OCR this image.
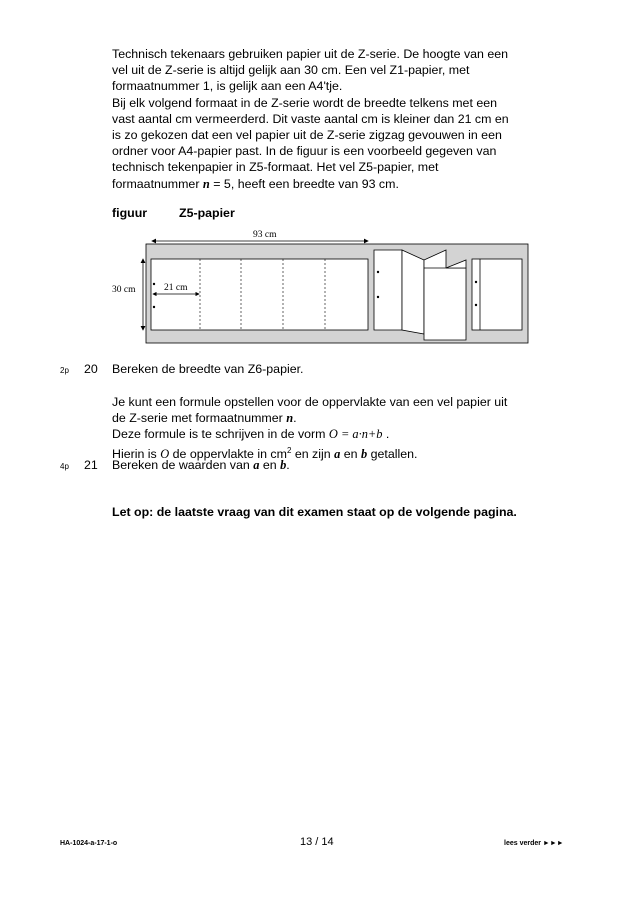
Technisch tekenaars gebruiken papier uit de Z-serie. De hoogte van een

vel uit de Z-serie is altijd gelijk aan 30 cm. Een vel Z1-papier, met

formaatnummer 1, is gelijk aan een A4'tje.

Bij elk volgend formaat in de Z-serie wordt de breedte telkens met een

vast aantal cm vermeerderd. Dit vaste aantal cm is kleiner dan 21 cm en

is zo gekozen dat een vel papier uit de Z-serie zigzag gevouwen in een

ordner voor A4-papier past. In de figuur is een voorbeeld gegeven van

technisch tekenpapier in Z5-formaat. Het vel Z5-papier, met

formaatnummer n = 5, heeft een breedte van 93 cm.

figuur	Z5-papier
93 cm
30 cm	21 cm
2p 20 Bereken de breedte van Z6-papier.

Je kunt een formule opstellen voor de oppervlakte van een vel papier uit

de Z-serie met formaatnummer n.

Deze formule is te schrijven in de vorm O = a·n+b .

Hierin is O de oppervlakte in $cm^2$ en zijn a en b getallen.

4p 21 Bereken de waarden van a en b.
Let op: de laatste vraag van dit examen staat op de volgende pagina.
HA-1024-a-17-1-o	13 / 14	lees verder ►►►
